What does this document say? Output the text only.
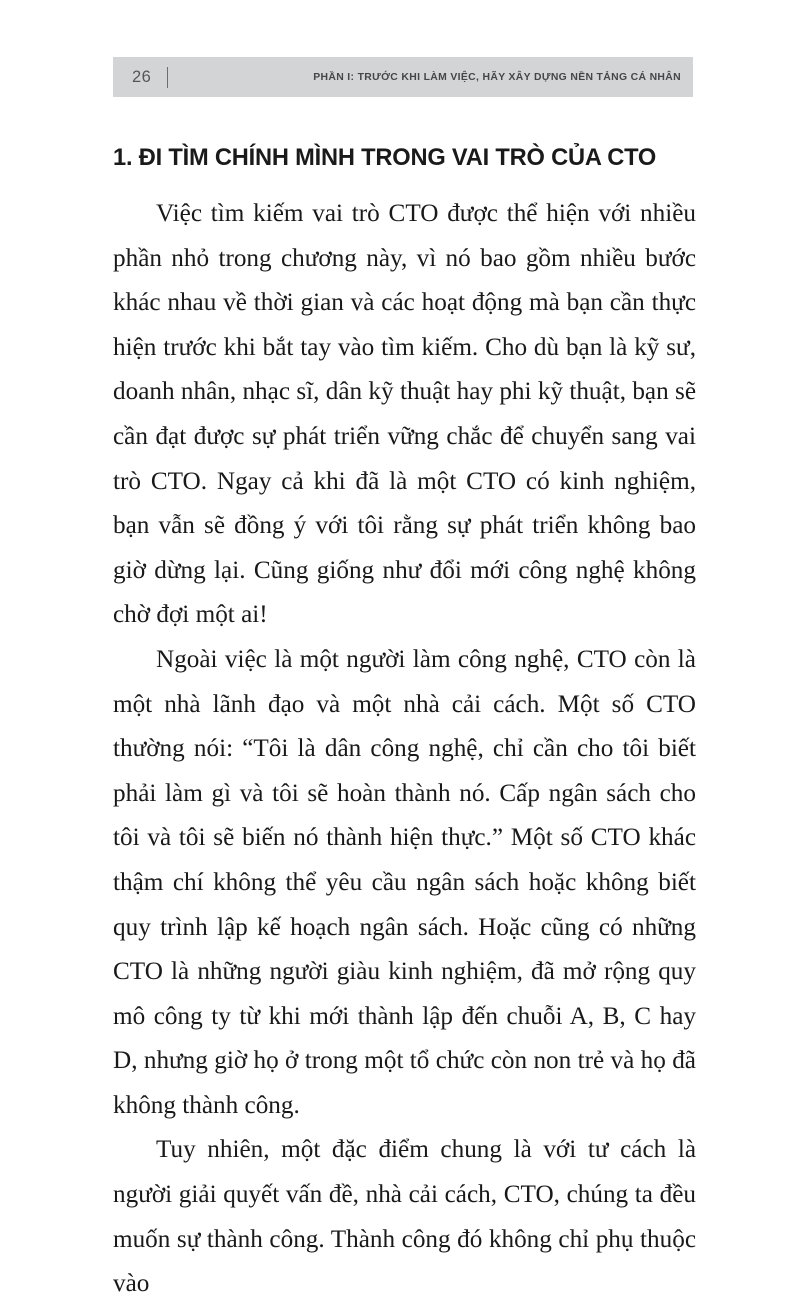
26	PHẦN I: TRƯỚC KHI LÀM VIỆC, HÃY XÂY DỰNG NỀN TẢNG CÁ NHÂN
1. ĐI TÌM CHÍNH MÌNH TRONG VAI TRÒ CỦA CTO

Việc tìm kiếm vai trò CTO được thể hiện với nhiều phần nhỏ trong chương này, vì nó bao gồm nhiều bước khác nhau về thời gian và các hoạt động mà bạn cần thực hiện trước khi bắt tay vào tìm kiếm. Cho dù bạn là kỹ sư, doanh nhân, nhạc sĩ, dân kỹ thuật hay phi kỹ thuật, bạn sẽ cần đạt được sự phát triển vững chắc để chuyển sang vai trò CTO. Ngay cả khi đã là một CTO có kinh nghiệm, bạn vẫn sẽ đồng ý với tôi rằng sự phát triển không bao giờ dừng lại. Cũng giống như đổi mới công nghệ không chờ đợi một ai!

Ngoài việc là một người làm công nghệ, CTO còn là một nhà lãnh đạo và một nhà cải cách. Một số CTO thường nói: “Tôi là dân công nghệ, chỉ cần cho tôi biết phải làm gì và tôi sẽ hoàn thành nó. Cấp ngân sách cho tôi và tôi sẽ biến nó thành hiện thực.” Một số CTO khác thậm chí không thể yêu cầu ngân sách hoặc không biết quy trình lập kế hoạch ngân sách. Hoặc cũng có những CTO là những người giàu kinh nghiệm, đã mở rộng quy mô công ty từ khi mới thành lập đến chuỗi A, B, C hay D, nhưng giờ họ ở trong một tổ chức còn non trẻ và họ đã không thành công.

Tuy nhiên, một đặc điểm chung là với tư cách là người giải quyết vấn đề, nhà cải cách, CTO, chúng ta đều muốn sự thành công. Thành công đó không chỉ phụ thuộc vào
